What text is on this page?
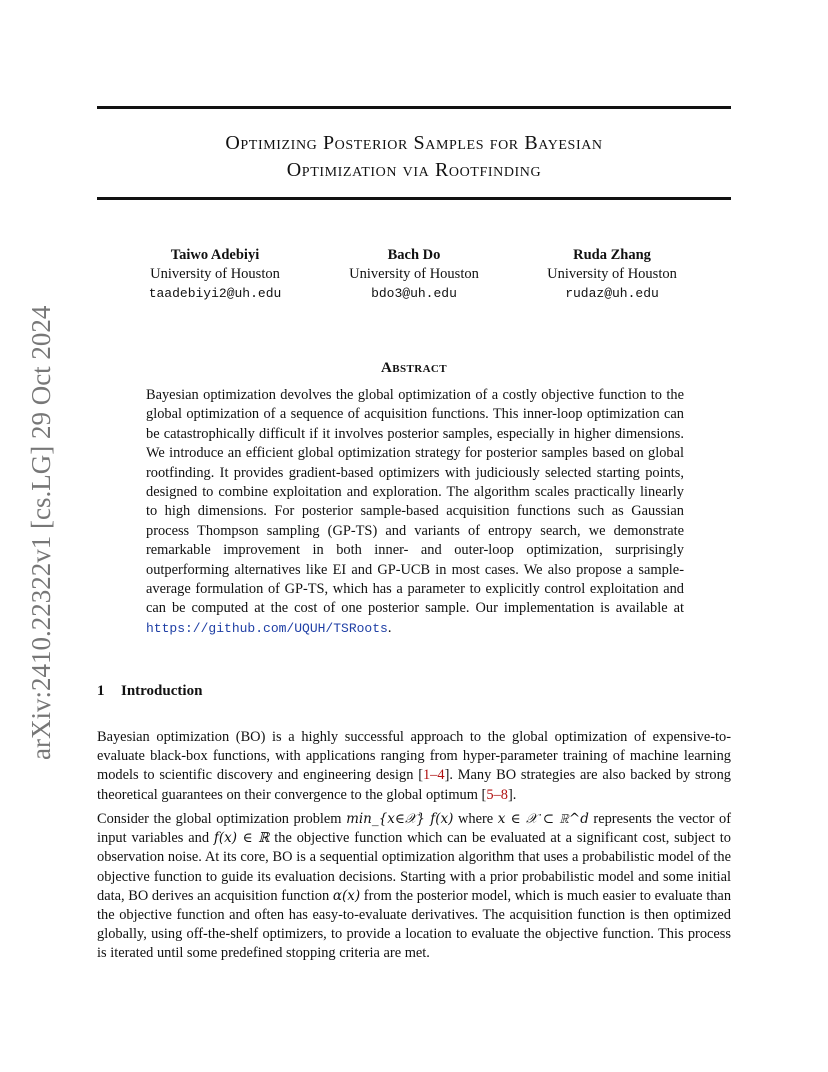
arXiv:2410.22322v1 [cs.LG] 29 Oct 2024
Optimizing Posterior Samples for Bayesian
Optimization via Rootfinding
Taiwo Adebiyi
University of Houston
taadebiyi2@uh.edu
Bach Do
University of Houston
bdo3@uh.edu
Ruda Zhang
University of Houston
rudaz@uh.edu
Abstract
Bayesian optimization devolves the global optimization of a costly objective function to the global optimization of a sequence of acquisition functions. This inner-loop optimization can be catastrophically difficult if it involves posterior samples, especially in higher dimensions. We introduce an efficient global optimization strategy for posterior samples based on global rootfinding. It provides gradient-based optimizers with judiciously selected starting points, designed to combine exploitation and exploration. The algorithm scales practically linearly to high dimensions. For posterior sample-based acquisition functions such as Gaussian process Thompson sampling (GP-TS) and variants of entropy search, we demonstrate remarkable improvement in both inner- and outer-loop optimization, surprisingly outperforming alternatives like EI and GP-UCB in most cases. We also propose a sample-average formulation of GP-TS, which has a parameter to explicitly control exploitation and can be computed at the cost of one posterior sample. Our implementation is available at https://github.com/UQUH/TSRoots.
1 Introduction

Bayesian optimization (BO) is a highly successful approach to the global optimization of expensive-to-evaluate black-box functions, with applications ranging from hyper-parameter training of machine learning models to scientific discovery and engineering design [1–4]. Many BO strategies are also backed by strong theoretical guarantees on their convergence to the global optimum [5–8].

Consider the global optimization problem min_{x∈𝒳} f(x) where x ∈ 𝒳 ⊂ ℝ^d represents the vector of input variables and f(x) ∈ ℝ the objective function which can be evaluated at a significant cost, subject to observation noise. At its core, BO is a sequential optimization algorithm that uses a probabilistic model of the objective function to guide its evaluation decisions. Starting with a prior probabilistic model and some initial data, BO derives an acquisition function α(x) from the posterior model, which is much easier to evaluate than the objective function and often has easy-to-evaluate derivatives. The acquisition function is then optimized globally, using off-the-shelf optimizers, to provide a location to evaluate the objective function. This process is iterated until some predefined stopping criteria are met.
